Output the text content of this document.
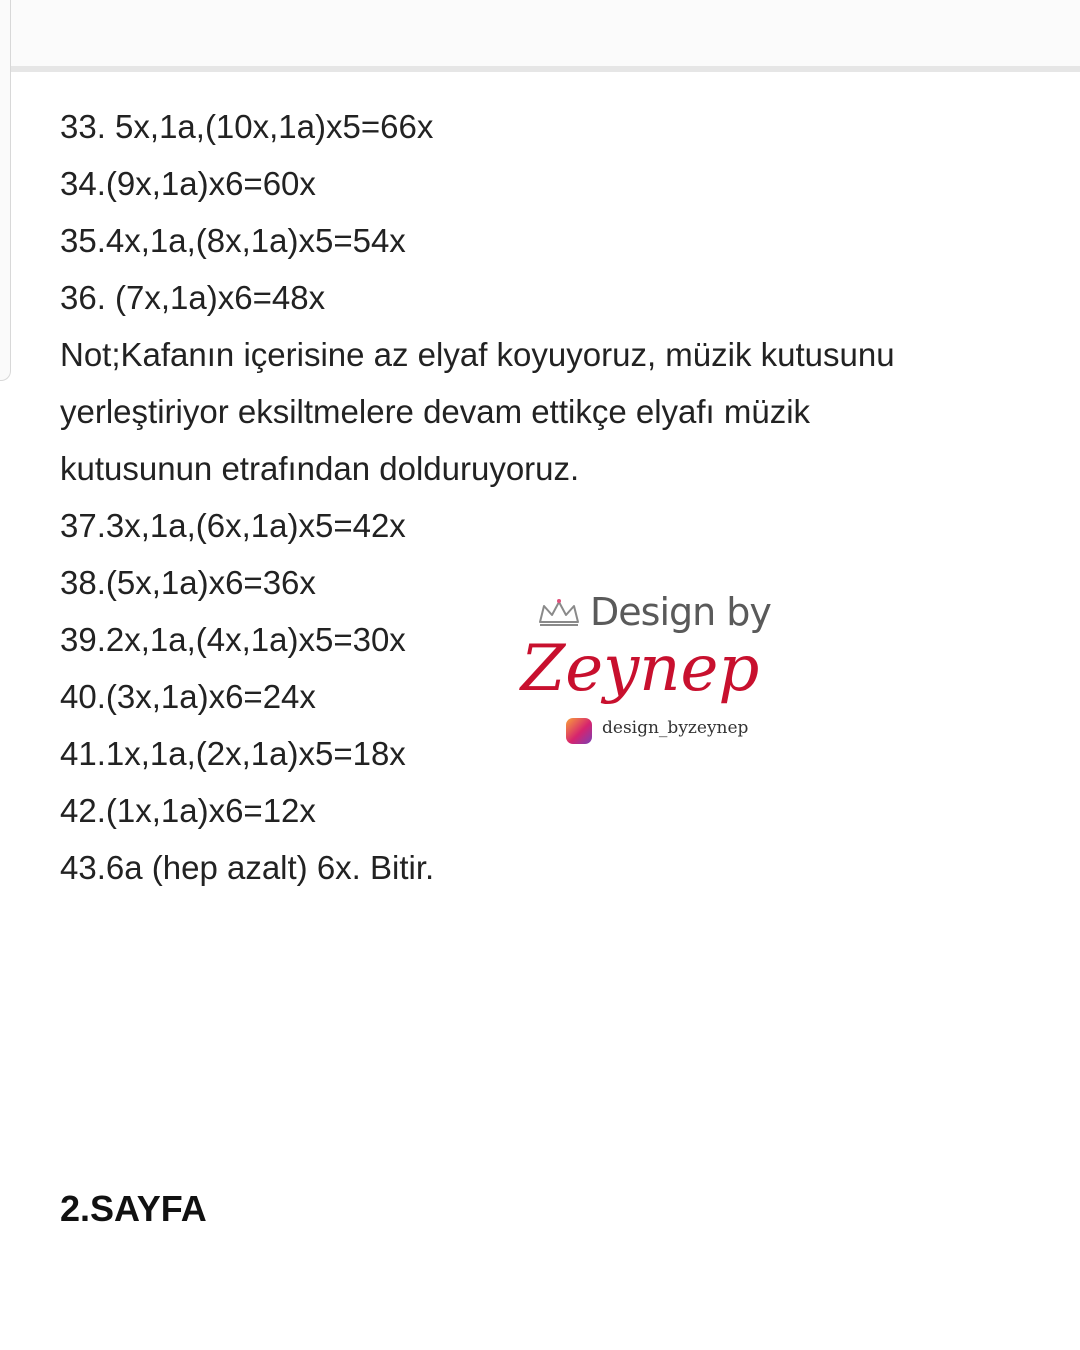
33. 5x,1a,(10x,1a)x5=66x
34.(9x,1a)x6=60x
35.4x,1a,(8x,1a)x5=54x
36. (7x,1a)x6=48x
Not;Kafanın içerisine az elyaf koyuyoruz, müzik kutusunu
yerleştiriyor eksiltmelere devam ettikçe elyafı müzik
kutusunun etrafından dolduruyoruz.
37.3x,1a,(6x,1a)x5=42x
38.(5x,1a)x6=36x
39.2x,1a,(4x,1a)x5=30x
40.(3x,1a)x6=24x
41.1x,1a,(2x,1a)x5=18x
42.(1x,1a)x6=12x
43.6a (hep azalt) 6x. Bitir.
Design by
Zeynep
design_byzeynep
2.SAYFA
